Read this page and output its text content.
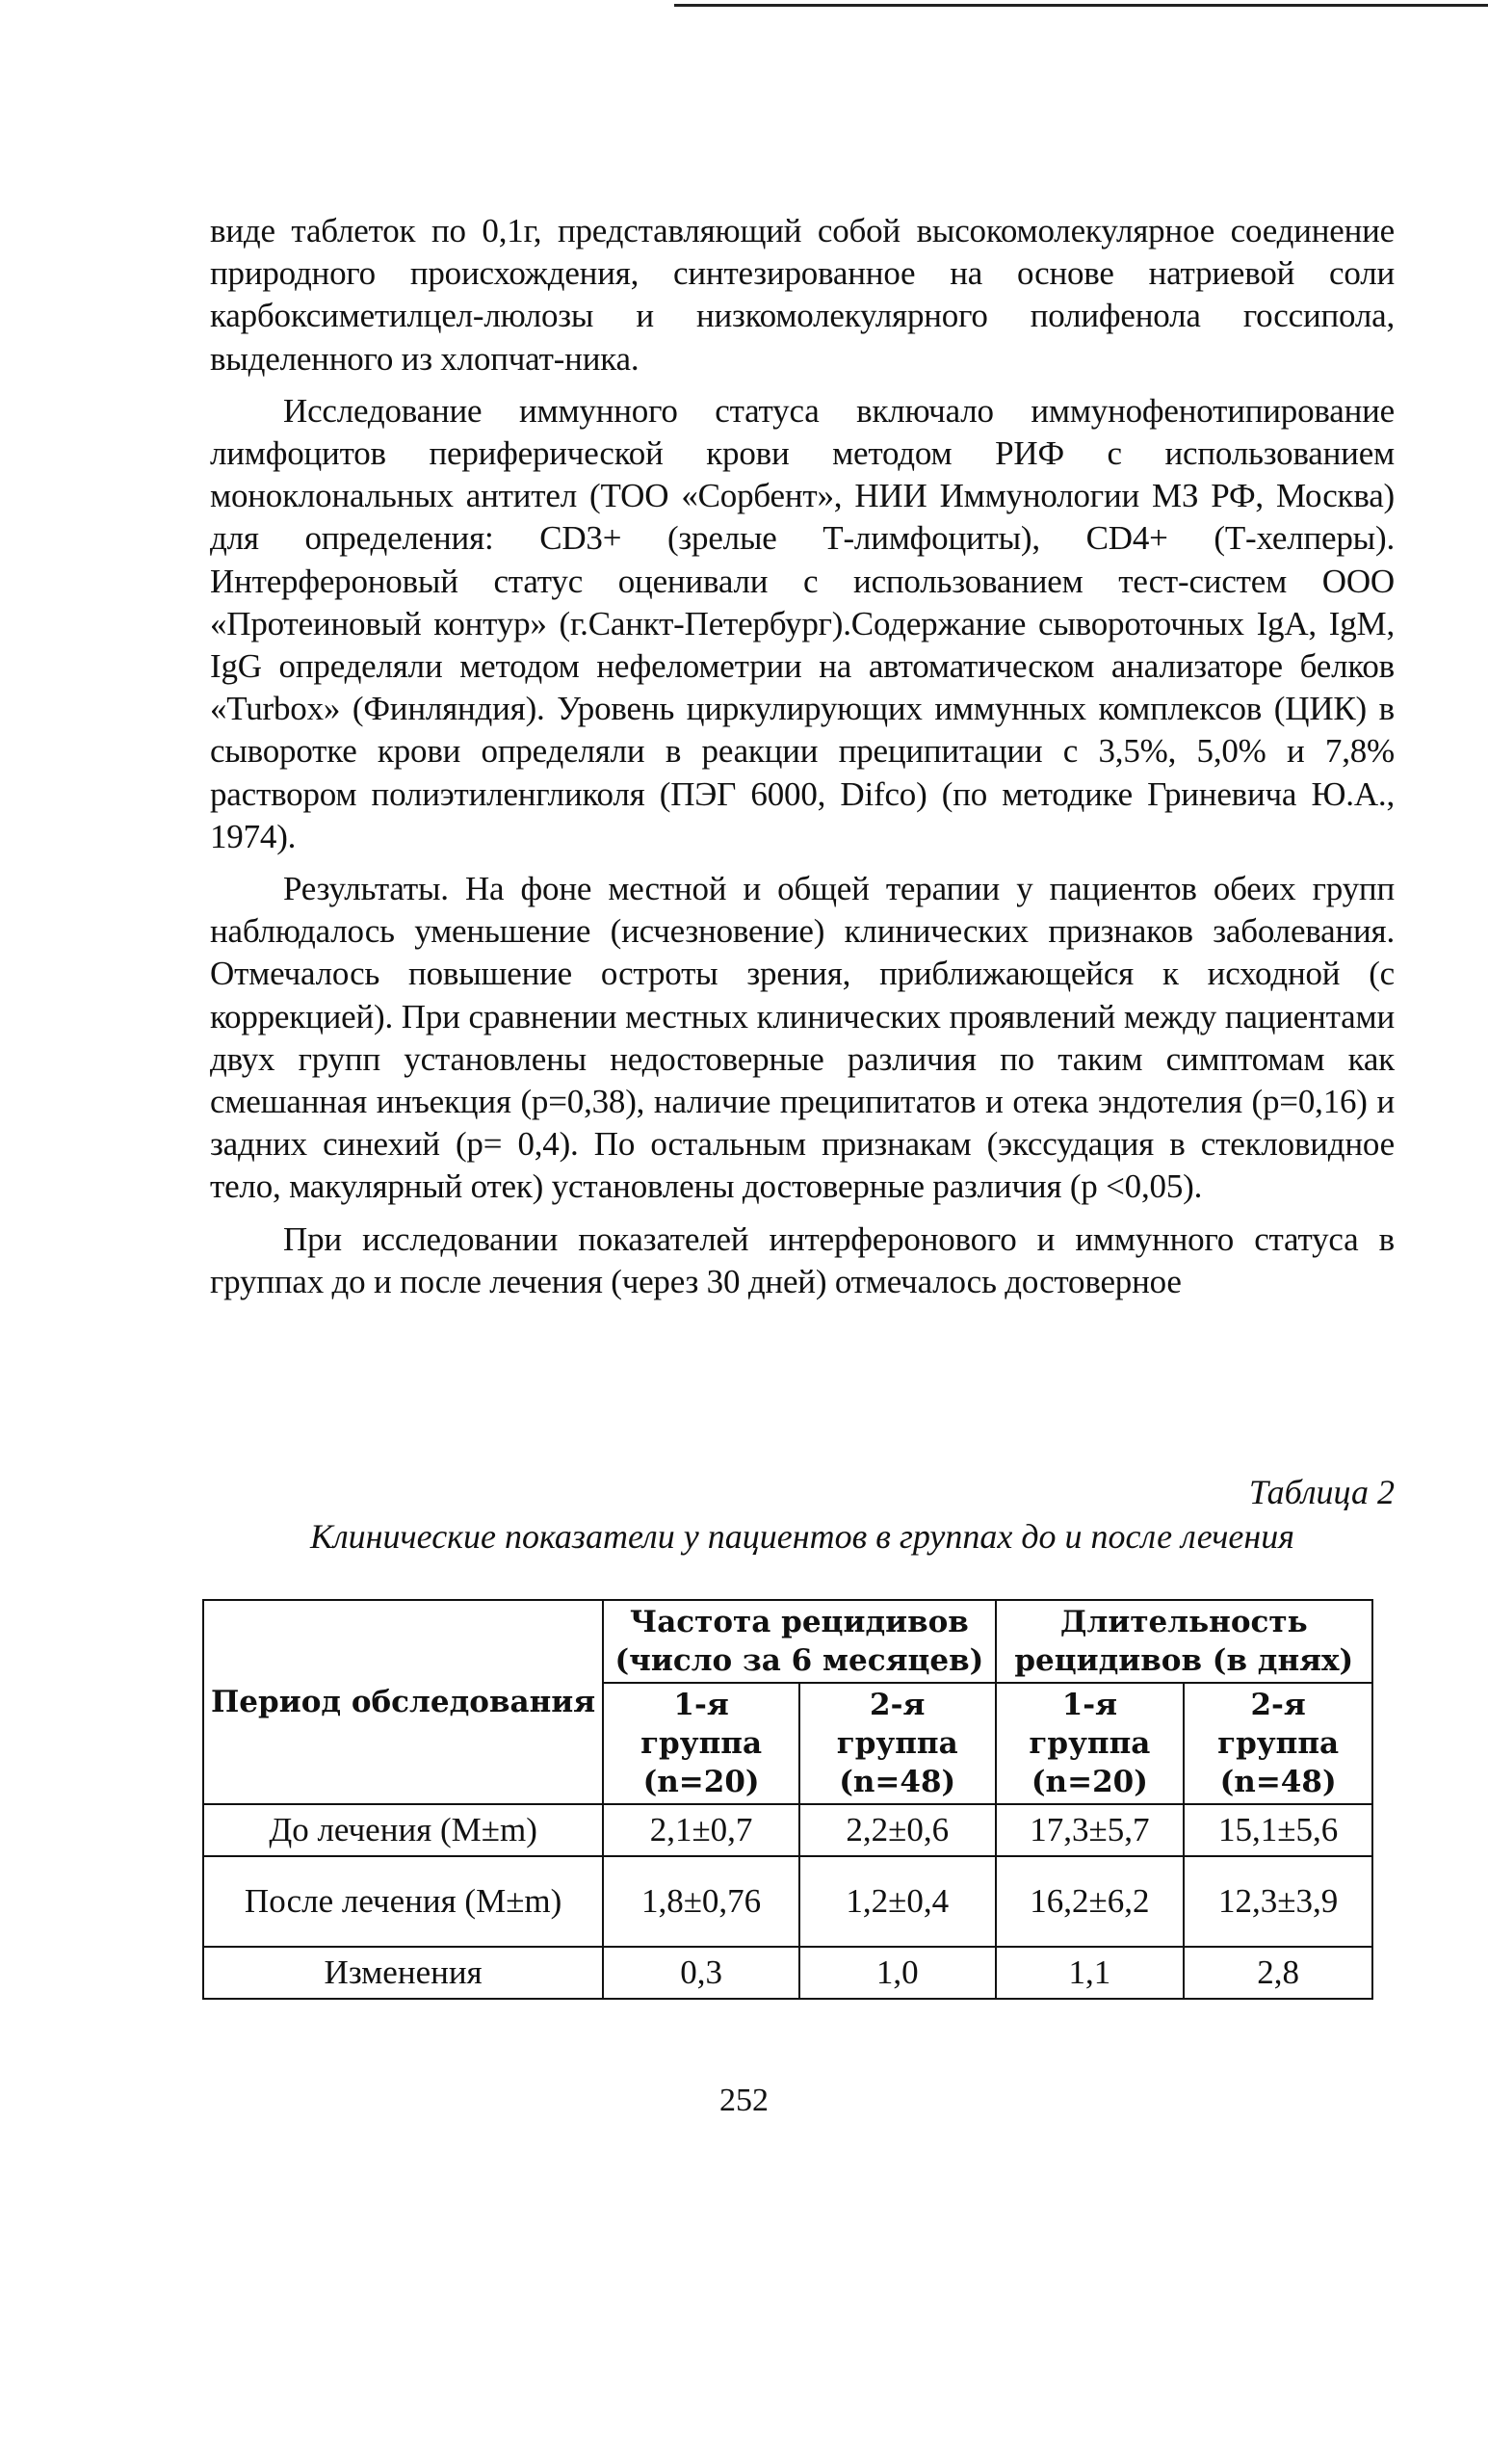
виде таблеток по 0,1г, представляющий собой высокомолекулярное соединение природного происхождения, синтезированное на основе натриевой соли карбоксиметилцел-люлозы и низкомолекулярного полифенола госсипола, выделенного из хлопчат-ника.

Исследование иммунного статуса включало иммунофенотипирование лимфоцитов периферической крови методом РИФ с использованием моноклональных антител (ТОО «Сорбент», НИИ Иммунологии МЗ РФ, Москва) для определения: CD3+ (зрелые Т-лимфоциты), CD4+ (Т-хелперы). Интерфероновый статус оценивали с использованием тест-систем ООО «Протеиновый контур» (г.Санкт-Петербург).Содержание сывороточных IgA, IgM, IgG определяли методом нефелометрии на автоматическом анализаторе белков «Turbox» (Финляндия). Уровень циркулирующих иммунных комплексов (ЦИК) в сыворотке крови определяли в реакции преципитации с 3,5%, 5,0% и 7,8% раствором полиэтиленгликоля (ПЭГ 6000, Difco) (по методике Гриневича Ю.А., 1974).

Результаты. На фоне местной и общей терапии у пациентов обеих групп наблюдалось уменьшение (исчезновение) клинических признаков заболевания. Отмечалось повышение остроты зрения, приближающейся к исходной (с коррекцией). При сравнении местных клинических проявлений между пациентами двух групп установлены недостоверные различия по таким симптомам как смешанная инъекция (p=0,38), наличие преципитатов и отека эндотелия (p=0,16) и задних синехий (p= 0,4). По остальным признакам (экссудация в стекловидное тело, макулярный отек) установлены достоверные различия (p <0,05).

При исследовании показателей интерферонового и иммунного статуса в группах до и после лечения (через 30 дней) отмечалось достоверное

Таблица 2
Клинические показатели у пациентов в группах до и после лечения
Период обследования	Частота рецидивов (число за 6 месяцев)		Длительность рецидивов (в днях)	
	1-я группа (n=20)	2-я группа (n=48)	1-я группа (n=20)	2-я группа (n=48)
До лечения (M±m)	2,1±0,7	2,2±0,6	17,3±5,7	15,1±5,6
После лечения (M±m)	1,8±0,76	1,2±0,4	16,2±6,2	12,3±3,9
Изменения	0,3	1,0	1,1	2,8
252
